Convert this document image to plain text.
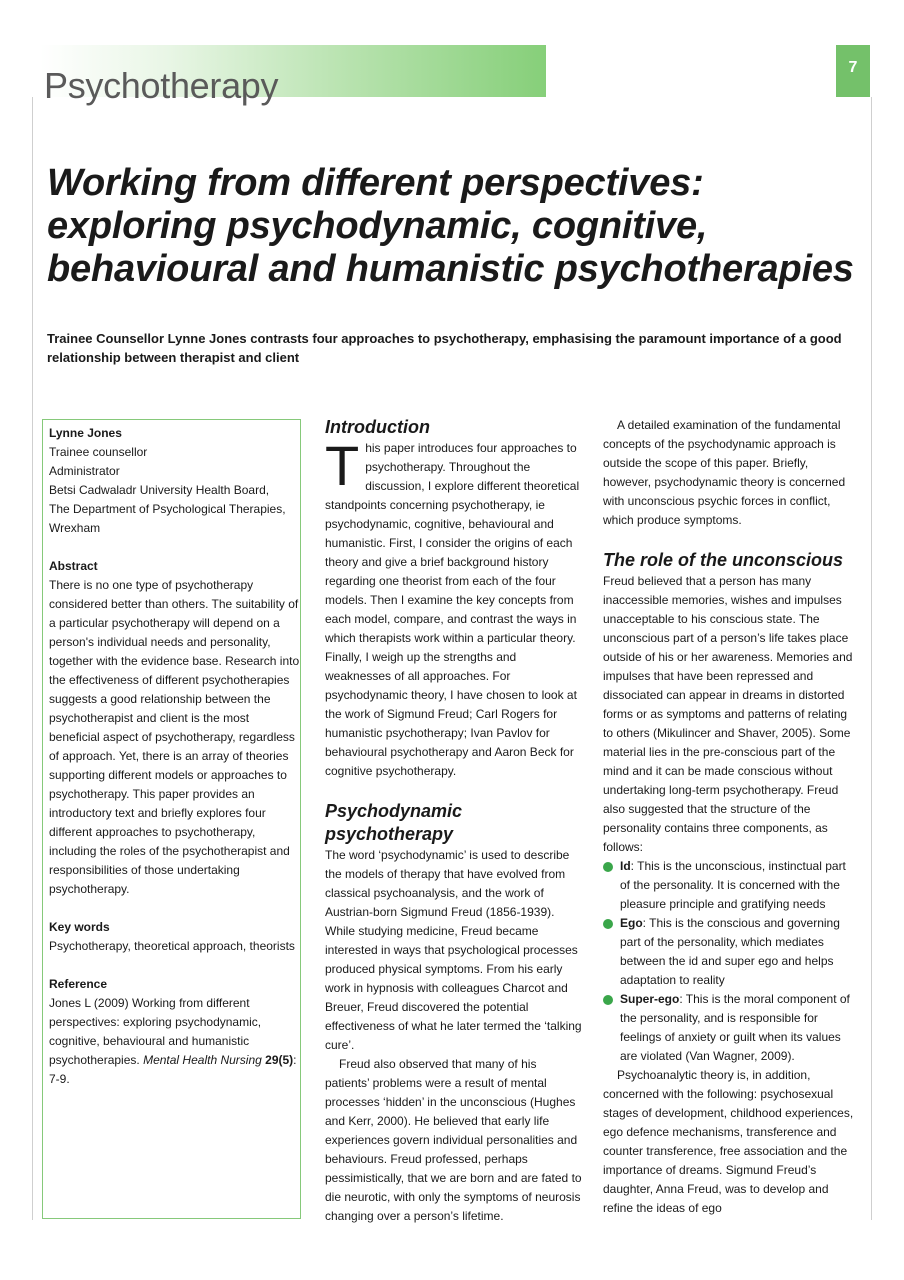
Psychotherapy	7
Working from different perspectives: exploring psychodynamic, cognitive, behavioural and humanistic psychotherapies

Trainee Counsellor Lynne Jones contrasts four approaches to psychotherapy, emphasising the paramount importance of a good relationship between therapist and client

Lynne Jones

Trainee counsellor

Administrator

Betsi Cadwaladr University Health Board,

The Department of Psychological Therapies,

Wrexham

Abstract

There is no one type of psychotherapy considered better than others. The suitability of a particular psychotherapy will depend on a person's individual needs and personality, together with the evidence base. Research into the effectiveness of different psychotherapies suggests a good relationship between the psychotherapist and client is the most beneficial aspect of psychotherapy, regardless of approach. Yet, there is an array of theories supporting different models or approaches to psychotherapy. This paper provides an introductory text and briefly explores four different approaches to psychotherapy, including the roles of the psychotherapist and responsibilities of those undertaking psychotherapy.

Key words

Psychotherapy, theoretical approach, theorists

Reference

Jones L (2009) Working from different perspectives: exploring psychodynamic, cognitive, behavioural and humanistic psychotherapies. Mental Health Nursing 29(5): 7-9.

Introduction

This paper introduces four approaches to psychotherapy. Throughout the discussion, I explore different theoretical standpoints concerning psychotherapy, ie psychodynamic, cognitive, behavioural and humanistic. First, I consider the origins of each theory and give a brief background history regarding one theorist from each of the four models. Then I examine the key concepts from each model, compare, and contrast the ways in which therapists work within a particular theory. Finally, I weigh up the strengths and weaknesses of all approaches. For psychodynamic theory, I have chosen to look at the work of Sigmund Freud; Carl Rogers for humanistic psychotherapy; Ivan Pavlov for behavioural psychotherapy and Aaron Beck for cognitive psychotherapy.

Psychodynamic psychotherapy

The word ‘psychodynamic’ is used to describe the models of therapy that have evolved from classical psychoanalysis, and the work of Austrian-born Sigmund Freud (1856-1939). While studying medicine, Freud became interested in ways that psychological processes produced physical symptoms. From his early work in hypnosis with colleagues Charcot and Breuer, Freud discovered the potential effectiveness of what he later termed the ‘talking cure’.

Freud also observed that many of his patients’ problems were a result of mental processes ‘hidden’ in the unconscious (Hughes and Kerr, 2000). He believed that early life experiences govern individual personalities and behaviours. Freud professed, perhaps pessimistically, that we are born and are fated to die neurotic, with only the symptoms of neurosis changing over a person’s lifetime.

A detailed examination of the fundamental concepts of the psychodynamic approach is outside the scope of this paper. Briefly, however, psychodynamic theory is concerned with unconscious psychic forces in conflict, which produce symptoms.

The role of the unconscious

Freud believed that a person has many inaccessible memories, wishes and impulses unacceptable to his conscious state. The unconscious part of a person’s life takes place outside of his or her awareness. Memories and impulses that have been repressed and dissociated can appear in dreams in distorted forms or as symptoms and patterns of relating to others (Mikulincer and Shaver, 2005). Some material lies in the pre-conscious part of the mind and it can be made conscious without undertaking long-term psychotherapy. Freud also suggested that the structure of the personality contains three components, as follows:

Id: This is the unconscious, instinctual part of the personality. It is concerned with the pleasure principle and gratifying needs
Ego: This is the conscious and governing part of the personality, which mediates between the id and super ego and helps adaptation to reality
Super-ego: This is the moral component of the personality, and is responsible for feelings of anxiety or guilt when its values are violated (Van Wagner, 2009).

Psychoanalytic theory is, in addition, concerned with the following: psychosexual stages of development, childhood experiences, ego defence mechanisms, transference and counter transference, free association and the importance of dreams. Sigmund Freud’s daughter, Anna Freud, was to develop and refine the ideas of ego
